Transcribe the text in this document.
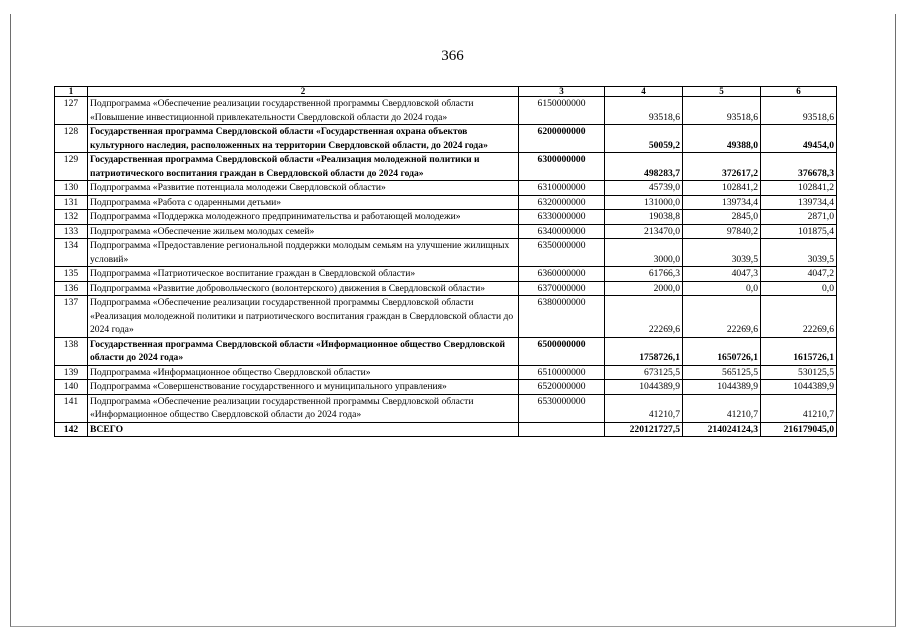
366
1	2	3	4	5	6
127	Подпрограмма «Обеспечение реализации государственной программы Свердловской области «Повышение инвестиционной привлекательности Свердловской области до 2024 года»	6150000000	93518,6	93518,6	93518,6
128	Государственная программа Свердловской области «Государственная охрана объектов культурного наследия, расположенных на территории Свердловской области, до 2024 года»	6200000000	50059,2	49388,0	49454,0
129	Государственная программа Свердловской области «Реализация молодежной политики и патриотического воспитания граждан в Свердловской области до 2024 года»	6300000000	498283,7	372617,2	376678,3
130	Подпрограмма «Развитие потенциала молодежи Свердловской области»	6310000000	45739,0	102841,2	102841,2
131	Подпрограмма «Работа с одаренными детьми»	6320000000	131000,0	139734,4	139734,4
132	Подпрограмма «Поддержка молодежного предпринимательства и работающей молодежи»	6330000000	19038,8	2845,0	2871,0
133	Подпрограмма «Обеспечение жильем молодых семей»	6340000000	213470,0	97840,2	101875,4
134	Подпрограмма «Предоставление региональной поддержки молодым семьям на улучшение жилищных условий»	6350000000	3000,0	3039,5	3039,5
135	Подпрограмма «Патриотическое воспитание граждан в Свердловской области»	6360000000	61766,3	4047,3	4047,2
136	Подпрограмма «Развитие добровольческого (волонтерского) движения в Свердловской области»	6370000000	2000,0	0,0	0,0
137	Подпрограмма «Обеспечение реализации государственной программы Свердловской области «Реализация молодежной политики и патриотического воспитания граждан в Свердловской области до 2024 года»	6380000000	22269,6	22269,6	22269,6
138	Государственная программа Свердловской области «Информационное общество Свердловской области до 2024 года»	6500000000	1758726,1	1650726,1	1615726,1
139	Подпрограмма «Информационное общество Свердловской области»	6510000000	673125,5	565125,5	530125,5
140	Подпрограмма «Совершенствование государственного и муниципального управления»	6520000000	1044389,9	1044389,9	1044389,9
141	Подпрограмма «Обеспечение реализации государственной программы Свердловской области «Информационное общество Свердловской области до 2024 года»	6530000000	41210,7	41210,7	41210,7
142	ВСЕГО		220121727,5	214024124,3	216179045,0
